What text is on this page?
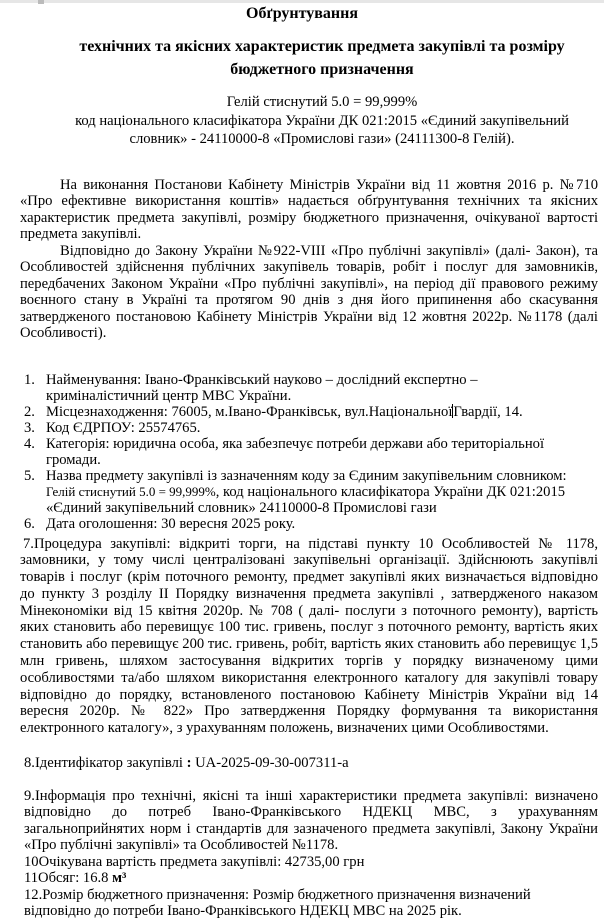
Обґрунтування
технічних та якісних характеристик предмета закупівлі та розміру
бюджетного призначення
Гелій стиснутий 5.0 = 99,999%
код національного класифікатора України ДК 021:2015 «Єдиний закупівельний
словник» - 24110000-8 «Промислові гази» (24111300-8 Гелій).

На виконання Постанови Кабінету Міністрів України від 11 жовтня 2016 р. №710 «Про ефективне використання коштів» надається обґрунтування технічних та якісних характеристик предмета закупівлі, розміру бюджетного призначення, очікуваної вартості предмета закупівлі.

Відповідно до Закону України №922-VIII «Про публічні закупівлі» (далі- Закон), та Особливостей здійснення публічних закупівель товарів, робіт і послуг для замовників, передбачених Законом України «Про публічні закупівлі», на період дії правового режиму воєнного стану в Україні та протягом 90 днів з дня його припинення або скасування затвердженого постановою Кабінету Міністрів України від 12 жовтня 2022р. №1178 (далі Особливості).

1. Найменування: Івано-Франківський науково – дослідний експертно – криміналістичний центр МВС України.
2. Місцезнаходження: 76005, м.Івано-Франківськ, вул.НаціональноїГвардії, 14.
3. Код ЄДРПОУ: 25574765.
4. Категорія: юридична особа, яка забезпечує потреби держави або територіальної громади.
5. Назва предмету закупівлі із зазначенням коду за Єдиним закупівельним словником: Гелій стиснутий 5.0 = 99,999%, код національного класифікатора України ДК 021:2015 «Єдиний закупівельний словник» 24110000-8 Промислові гази
6. Дата оголошення: 30 вересня 2025 року.

7.Процедура закупівлі: відкриті торги, на підставі пункту 10 Особливостей № 1178, замовники, у тому числі централізовані закупівельні організації. Здійснюють закупівлі товарів і послуг (крім поточного ремонту, предмет закупівлі яких визначається відповідно до пункту 3 розділу II Порядку визначення предмета закупівлі , затвердженого наказом Мінекономіки від 15 квітня 2020р. № 708 ( далі- послуги з поточного ремонту), вартість яких становить або перевищує 100 тис. гривень, послуг з поточного ремонту, вартість яких становить або перевищує 200 тис. гривень, робіт, вартість яких становить або перевищує 1,5 млн гривень, шляхом застосування відкритих торгів у порядку визначеному цими особливостями та/або шляхом використання електронного каталогу для закупівлі товару відповідно до порядку, встановленого постановою Кабінету Міністрів України від 14 вересня 2020р. № 822» Про затвердження Порядку формування та використання електронного каталогу», з урахуванням положень, визначених цими Особливостями.

8.Ідентифікатор закупівлі : UA-2025-09-30-007311-a

9.Інформація про технічні, якісні та інші характеристики предмета закупівлі: визначено відповідно до потреб Івано-Франківського НДЕКЦ МВС, з урахуванням загальноприйнятих норм і стандартів для зазначеного предмета закупівлі, Закону України «Про публічні закупівлі» та Особливостей №1178.

10Очікувана вартість предмета закупівлі: 42735,00 грн

11Обсяг: 16.8 м³

12.Розмір бюджетного призначення: Розмір бюджетного призначення визначений
відповідно до потреби Івано-Франківського НДЕКЦ МВС на 2025 рік.
